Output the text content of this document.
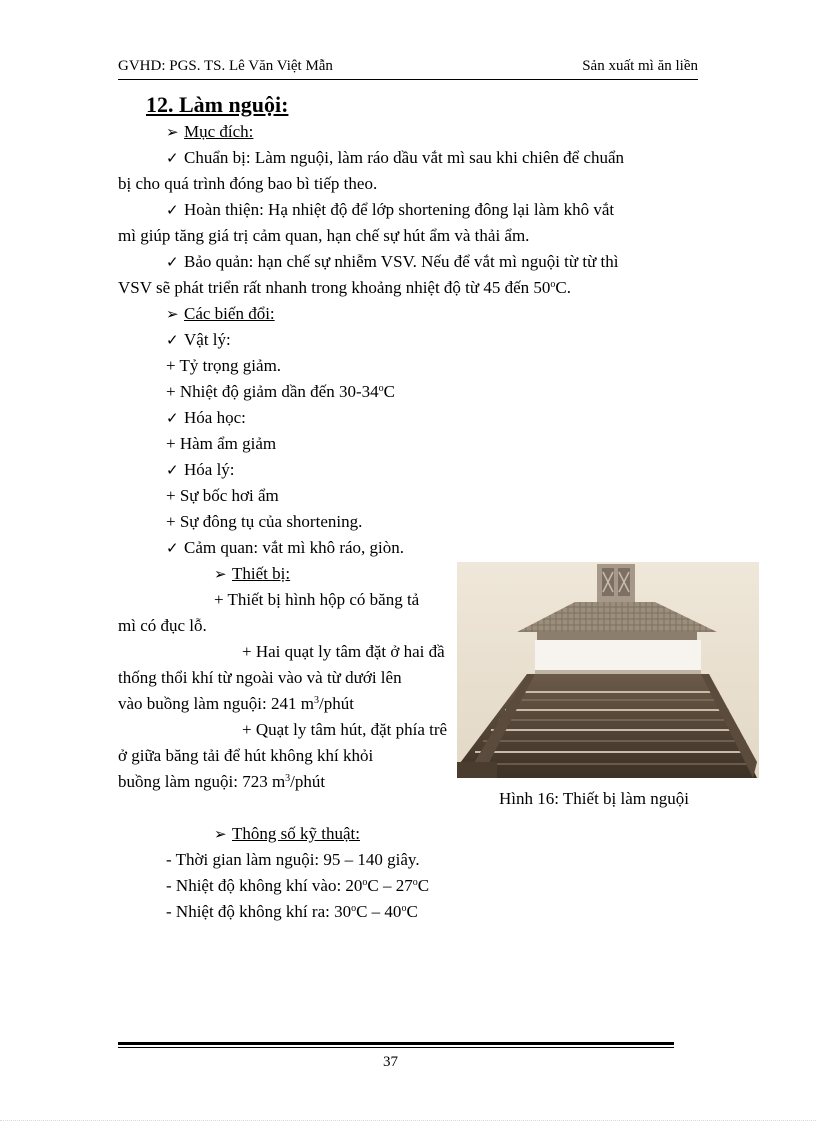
GVHD: PGS. TS. Lê Văn Việt Mẫn	Sản xuất mì ăn liền
12. Làm nguội:
➢ Mục đích:
✓ Chuẩn bị: Làm nguội, làm ráo dầu vắt mì sau khi chiên để chuẩn
bị cho quá trình đóng bao bì tiếp theo.
✓ Hoàn thiện: Hạ nhiệt độ để lớp shortening đông lại làm khô vắt
mì giúp tăng giá trị cảm quan, hạn chế sự hút ẩm và thải ẩm.
✓ Bảo quản: hạn chế sự nhiễm VSV. Nếu để vắt mì nguội từ từ thì
VSV sẽ phát triển rất nhanh trong khoảng nhiệt độ từ 45 đến 50$^o$C.
➢ Các biến đổi:
✓ Vật lý:
+ Tỷ trọng giảm.
+ Nhiệt độ giảm dần đến 30-34$^o$C
✓ Hóa học:
+ Hàm ẩm giảm
✓ Hóa lý:
+ Sự bốc hơi ẩm
+ Sự đông tụ của shortening.
✓ Cảm quan: vắt mì khô ráo, giòn.
➢ Thiết bị:
+ Thiết bị hình hộp có băng tả
mì có đục lỗ.
+ Hai quạt ly tâm đặt ở hai đầ
thống thổi khí từ ngoài vào và từ dưới lên
vào buồng làm nguội: 241 $m^3$/phút
+ Quạt ly tâm hút, đặt phía trê
ở giữa băng tải để hút không khí khỏi
buồng làm nguội: 723 $m^3$/phút
Hình 16: Thiết bị làm nguội
➢ Thông số kỹ thuật:
- Thời gian làm nguội: 95 – 140 giây.
- Nhiệt độ không khí vào: 20$^o$C – 27$^o$C
- Nhiệt độ không khí ra: 30$^o$C – 40$^o$C
37
